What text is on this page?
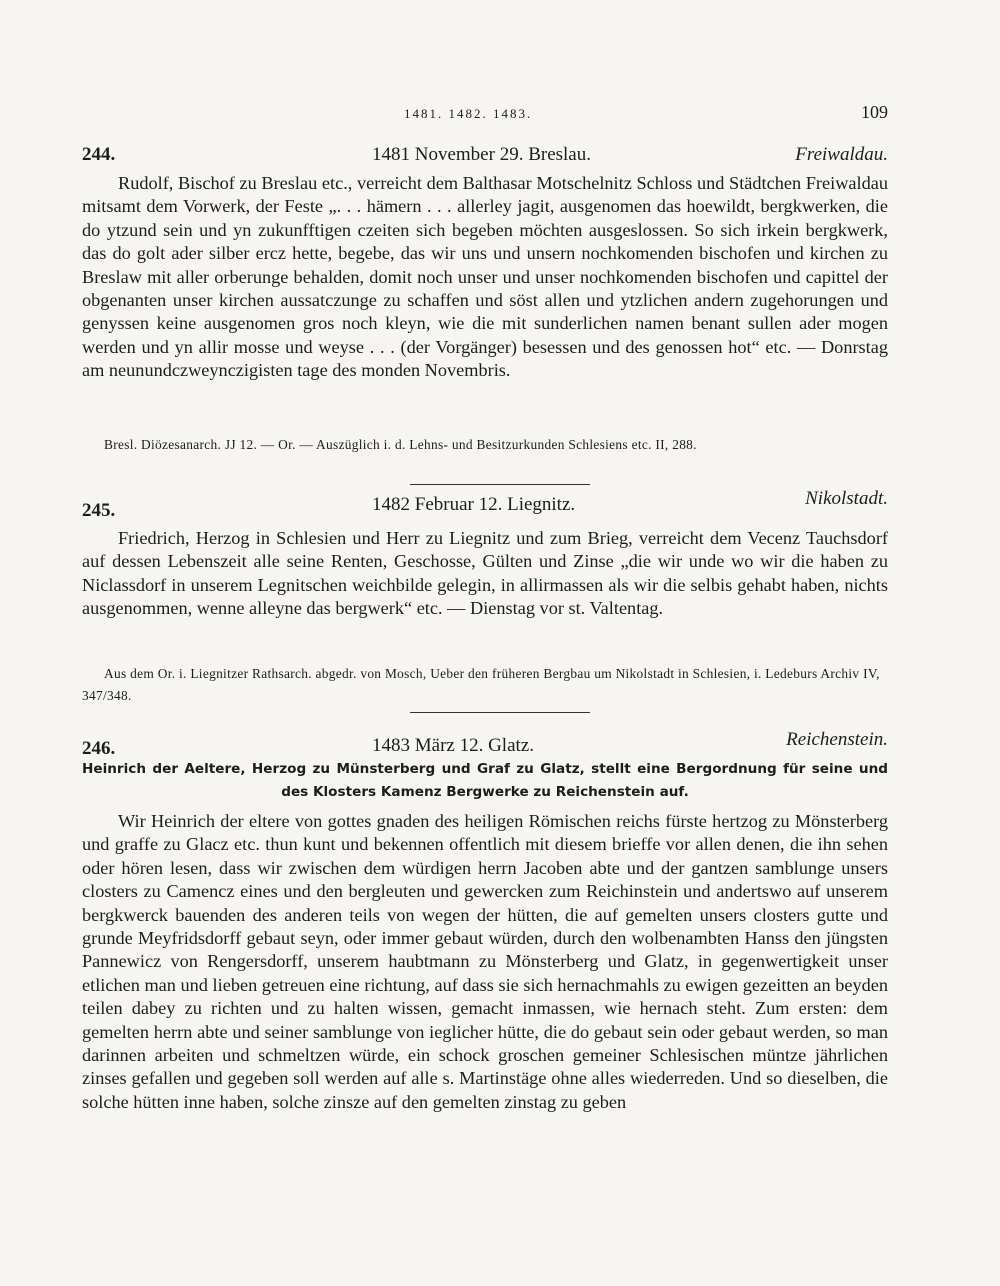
1481. 1482. 1483.	109
244.	1481 November 29. Breslau.	Freiwaldau.

Rudolf, Bischof zu Breslau etc., verreicht dem Balthasar Motschelnitz Schloss und Städtchen Freiwaldau mitsamt dem Vorwerk, der Feste „. . . hämern . . . allerley jagit, ausgenomen das hoewildt, bergkwerken, die do ytzund sein und yn zukunfftigen czeiten sich begeben möchten ausgeslossen. So sich irkein bergkwerk, das do golt ader silber ercz hette, begebe, das wir uns und unsern nochkomenden bischofen und kirchen zu Breslaw mit aller orberunge behalden, domit noch unser und unser nochkomenden bischofen und capittel der obgenanten unser kirchen aussatczunge zu schaffen und söst allen und ytzlichen andern zugehorungen und genyssen keine ausgenomen gros noch kleyn, wie die mit sunderlichen namen benant sullen ader mogen werden und yn allir mosse und weyse . . . (der Vorgänger) besessen und des genossen hot“ etc. — Donrstag am neunundczweynczigisten tage des monden Novembris.

Bresl. Diözesanarch. JJ 12. — Or. — Auszüglich i. d. Lehns- und Besitzurkunden Schlesiens etc. II, 288.

245.	1482 Februar 12. Liegnitz.	Nikolstadt.

Friedrich, Herzog in Schlesien und Herr zu Liegnitz und zum Brieg, verreicht dem Vecenz Tauchsdorf auf dessen Lebenszeit alle seine Renten, Geschosse, Gülten und Zinse „die wir unde wo wir die haben zu Niclassdorf in unserem Legnitschen weichbilde gelegin, in allirmassen als wir die selbis gehabt haben, nichts ausgenommen, wenne alleyne das bergwerk“ etc. — Dienstag vor st. Valtentag.

Aus dem Or. i. Liegnitzer Rathsarch. abgedr. von Mosch, Ueber den früheren Bergbau um Nikolstadt in Schlesien, i. Ledeburs Archiv IV, 347/348.

246.	1483 März 12. Glatz.	Reichenstein.
Heinrich der Aeltere, Herzog zu Münsterberg und Graf zu Glatz, stellt eine Bergordnung für seine und
des Klosters Kamenz Bergwerke zu Reichenstein auf.

Wir Heinrich der eltere von gottes gnaden des heiligen Römischen reichs fürste hertzog zu Mönsterberg und graffe zu Glacz etc. thun kunt und bekennen offentlich mit diesem brieffe vor allen denen, die ihn sehen oder hören lesen, dass wir zwischen dem würdigen herrn Jacoben abte und der gantzen samblunge unsers closters zu Camencz eines und den bergleuten und gewercken zum Reichinstein und andertswo auf unserem bergkwerck bauenden des anderen teils von wegen der hütten, die auf gemelten unsers closters gutte und grunde Meyfridsdorff gebaut seyn, oder immer gebaut würden, durch den wolbenambten Hanss den jüngsten Pannewicz von Rengersdorff, unserem haubtmann zu Mönsterberg und Glatz, in gegenwertigkeit unser etlichen man und lieben getreuen eine richtung, auf dass sie sich hernachmahls zu ewigen gezeitten an beyden teilen dabey zu richten und zu halten wissen, gemacht inmassen, wie hernach steht. Zum ersten: dem gemelten herrn abte und seiner samblunge von ieglicher hütte, die do gebaut sein oder gebaut werden, so man darinnen arbeiten und schmeltzen würde, ein schock groschen gemeiner Schlesischen müntze jährlichen zinses gefallen und gegeben soll werden auf alle s. Martinstäge ohne alles wiederreden. Und so dieselben, die solche hütten inne haben, solche zinsze auf den gemelten zinstag zu geben
